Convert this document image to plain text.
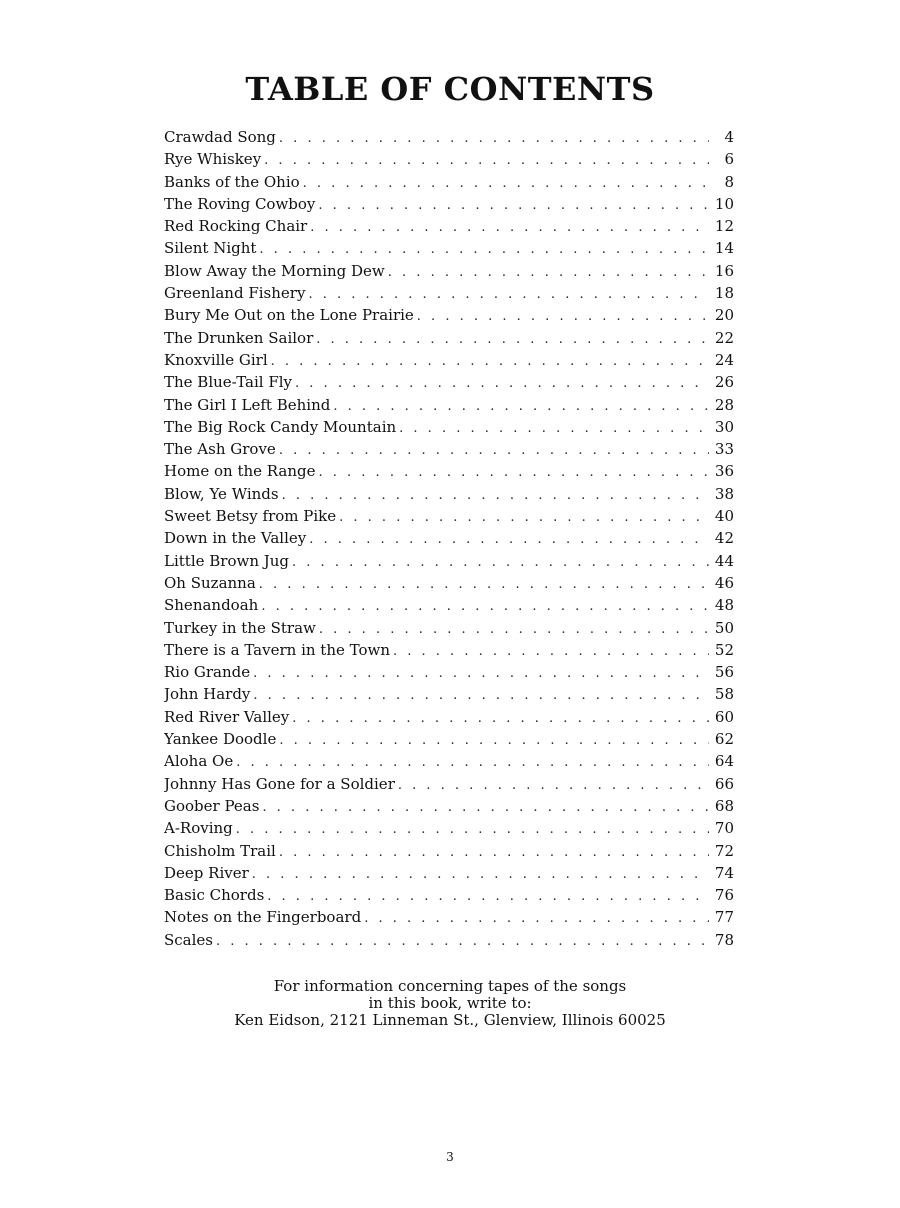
TABLE OF CONTENTS
Crawdad Song . . .	4
Rye Whiskey . . .	6
Banks of the Ohio . . .	8
The Roving Cowboy . . .	10
Red Rocking Chair . . .	12
Silent Night . . .	14
Blow Away the Morning Dew . . .	16
Greenland Fishery . . .	18
Bury Me Out on the Lone Prairie . . .	20
The Drunken Sailor . . .	22
Knoxville Girl . . .	24
The Blue-Tail Fly . . .	26
The Girl I Left Behind . . .	28
The Big Rock Candy Mountain . . .	30
The Ash Grove . . .	33
Home on the Range . . .	36
Blow, Ye Winds . . .	38
Sweet Betsy from Pike . . .	40
Down in the Valley . . .	42
Little Brown Jug . . .	44
Oh Suzanna . . .	46
Shenandoah . . .	48
Turkey in the Straw . . .	50
There is a Tavern in the Town . . .	52
Rio Grande . . .	56
John Hardy . . .	58
Red River Valley . . .	60
Yankee Doodle . . .	62
Aloha Oe . . .	64
Johnny Has Gone for a Soldier . . .	66
Goober Peas . . .	68
A-Roving . . .	70
Chisholm Trail . . .	72
Deep River . . .	74
Basic Chords . . .	76
Notes on the Fingerboard . . .	77
Scales . . .	78
For information concerning tapes of the songs
in this book, write to:
Ken Eidson, 2121 Linneman St., Glenview, Illinois 60025
3
